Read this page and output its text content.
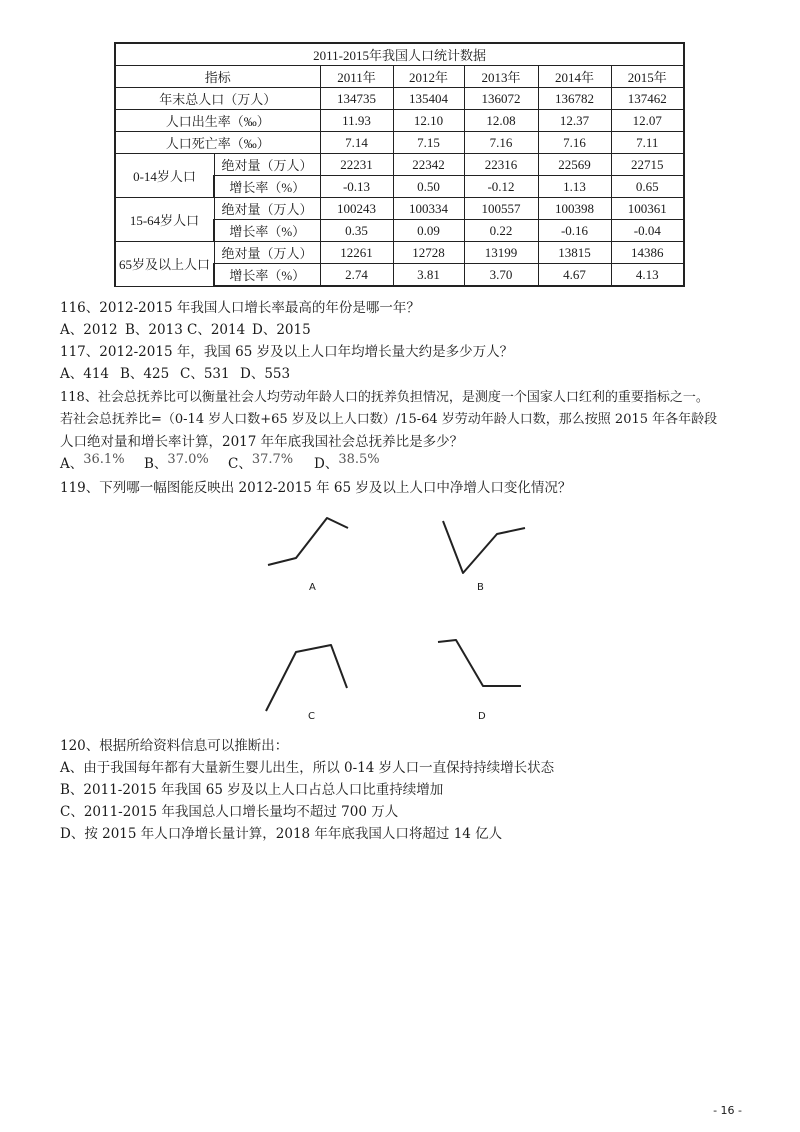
2011-2015年我国人口统计数据						
指标		2011年	2012年	2013年	2014年	2015年
年末总人口（万人）		134735	135404	136072	136782	137462
人口出生率（‰）		11.93	12.10	12.08	12.37	12.07
人口死亡率（‰）		7.14	7.15	7.16	7.16	7.11
0-14岁人口	绝对量（万人）	22231	22342	22316	22569	22715
	增长率（%）	-0.13	0.50	-0.12	1.13	0.65
15-64岁人口	绝对量（万人）	100243	100334	100557	100398	100361
	增长率（%）	0.35	0.09	0.22	-0.16	-0.04
65岁及以上人口	绝对量（万人）	12261	12728	13199	13815	14386
	增长率（%）	2.74	3.81	3.70	4.67	4.13
116、2012-2015 年我国人口增长率最高的年份是哪一年？
A、2012 B、2013 C、2014 D、2015
117、2012-2015 年，我国 65 岁及以上人口年均增长量大约是多少万人？
A、414 B、425 C、531 D、553
118、社会总抚养比可以衡量社会人均劳动年龄人口的抚养负担情况，是测度一个国家人口红利的重要指标之一。
若社会总抚养比=（0-14 岁人口数+65 岁及以上人口数）/15-64 岁劳动年龄人口数，那么按照 2015 年各年龄段
人口绝对量和增长率计算，2017 年年底我国社会总抚养比是多少？
A、36.1% B、37.0% C、37.7% D、38.5%
119、下列哪一幅图能反映出 2012-2015 年 65 岁及以上人口中净增人口变化情况？
A	B
C	D
120、根据所给资料信息可以推断出：
A、由于我国每年都有大量新生婴儿出生，所以 0-14 岁人口一直保持持续增长状态
B、2011-2015 年我国 65 岁及以上人口占总人口比重持续增加
C、2011-2015 年我国总人口增长量均不超过 700 万人
D、按 2015 年人口净增长量计算，2018 年年底我国人口将超过 14 亿人
- 16 -
